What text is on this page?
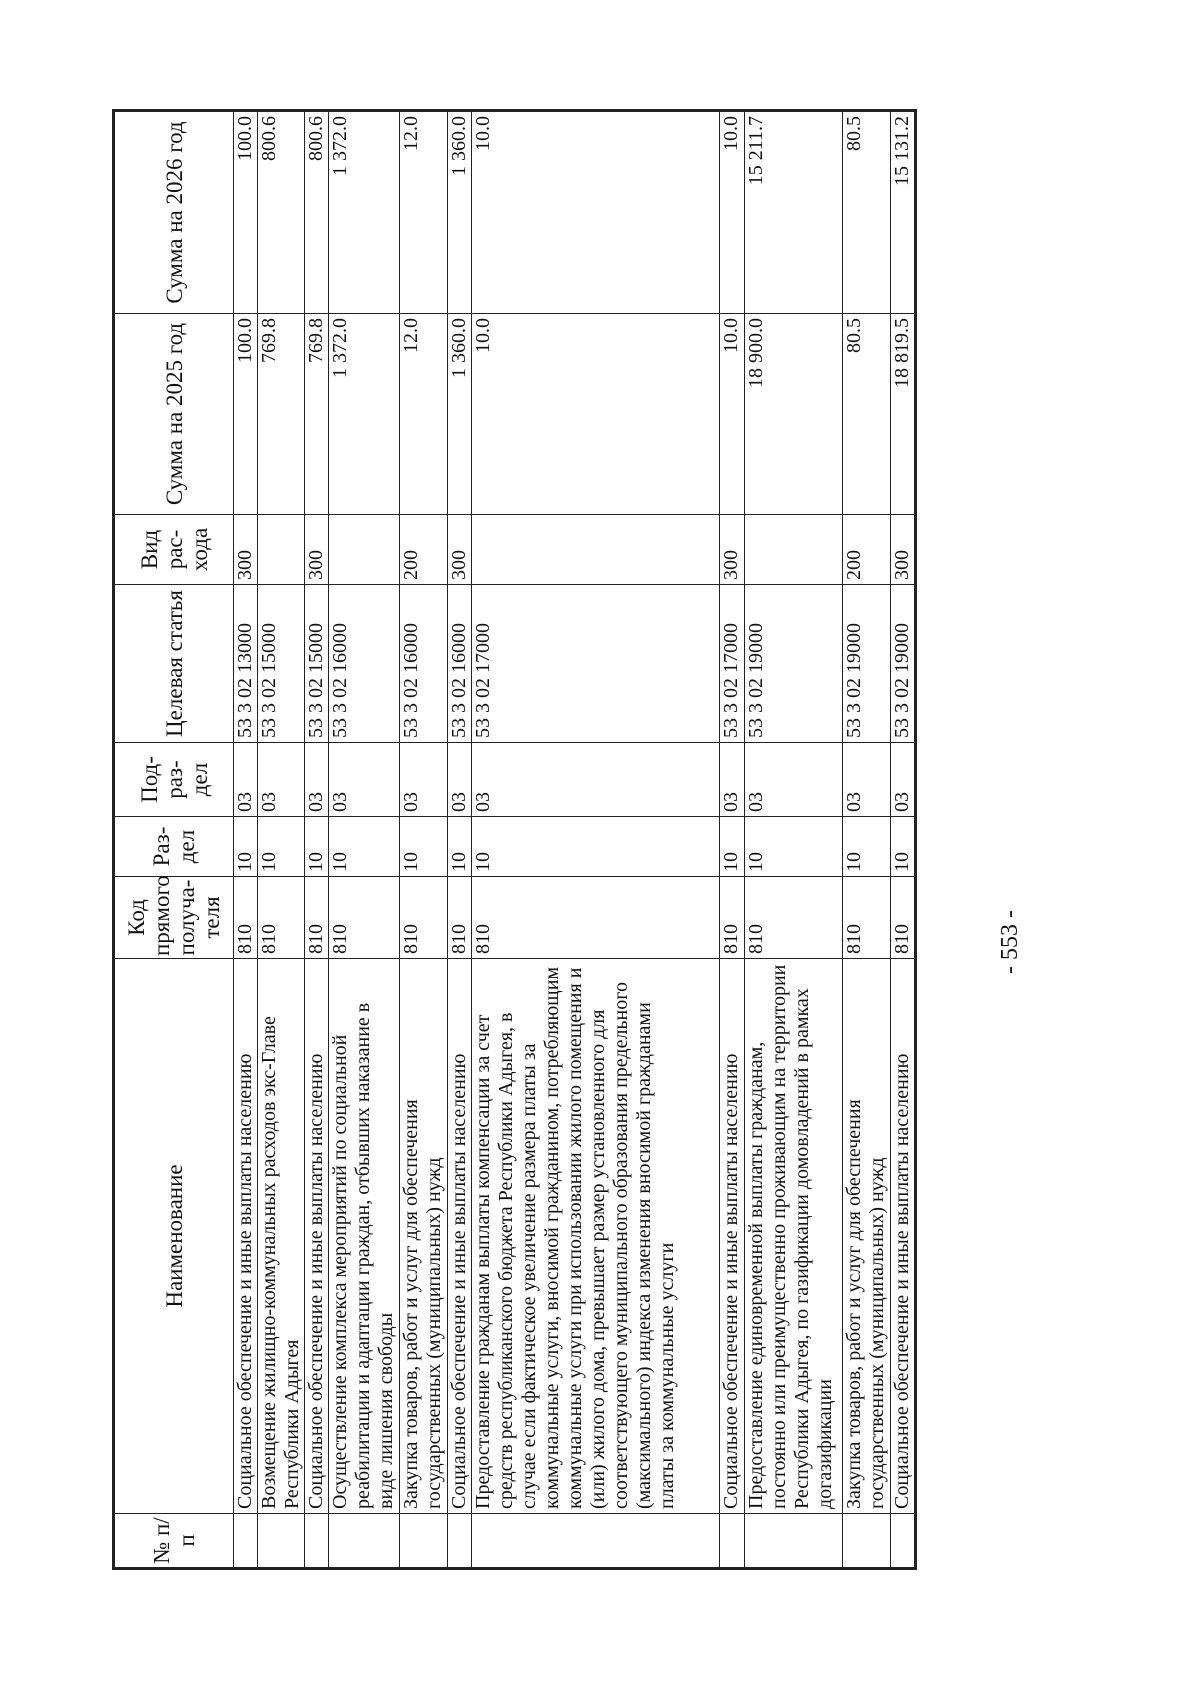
- 553 -
№ п/п	Наименование	Код прямого получа- теля	Раз- дел	Под- раз- дел	Целевая статья	Вид рас- хода	Сумма на 2025 год	Сумма на 2026 год
	Социальное обеспечение и иные выплаты населению	810	10	03	53 3 02 13000	300	100.0	100.0
	Возмещение жилищно-коммунальных расходов экс-Главе Республики Адыгея	810	10	03	53 3 02 15000		769.8	800.6
	Социальное обеспечение и иные выплаты населению	810	10	03	53 3 02 15000	300	769.8	800.6
	Осуществление комплекса мероприятий по социальной реабилитации и адаптации граждан, отбывших наказание в виде лишения свободы	810	10	03	53 3 02 16000		1 372.0	1 372.0
	Закупка товаров, работ и услуг для обеспечения государственных (муниципальных) нужд	810	10	03	53 3 02 16000	200	12.0	12.0
	Социальное обеспечение и иные выплаты населению	810	10	03	53 3 02 16000	300	1 360.0	1 360.0
	Предоставление гражданам выплаты компенсации за счет средств республиканского бюджета Республики Адыгея, в случае если фактическое увеличение размера платы за коммунальные услуги, вносимой гражданином, потребляющим коммунальные услуги при использовании жилого помещения и (или) жилого дома, превышает размер установленного для соответствующего муниципального образования предельного (максимального) индекса изменения вносимой гражданами платы за коммунальные услуги	810	10	03	53 3 02 17000		10.0	10.0
	Социальное обеспечение и иные выплаты населению	810	10	03	53 3 02 17000	300	10.0	10.0
	Предоставление единовременной выплаты гражданам, постоянно или преимущественно проживающим на территории Республики Адыгея, по газификации домовладений в рамках догазификации	810	10	03	53 3 02 19000		18 900.0	15 211.7
	Закупка товаров, работ и услуг для обеспечения государственных (муниципальных) нужд	810	10	03	53 3 02 19000	200	80.5	80.5
	Социальное обеспечение и иные выплаты населению	810	10	03	53 3 02 19000	300	18 819.5	15 131.2
